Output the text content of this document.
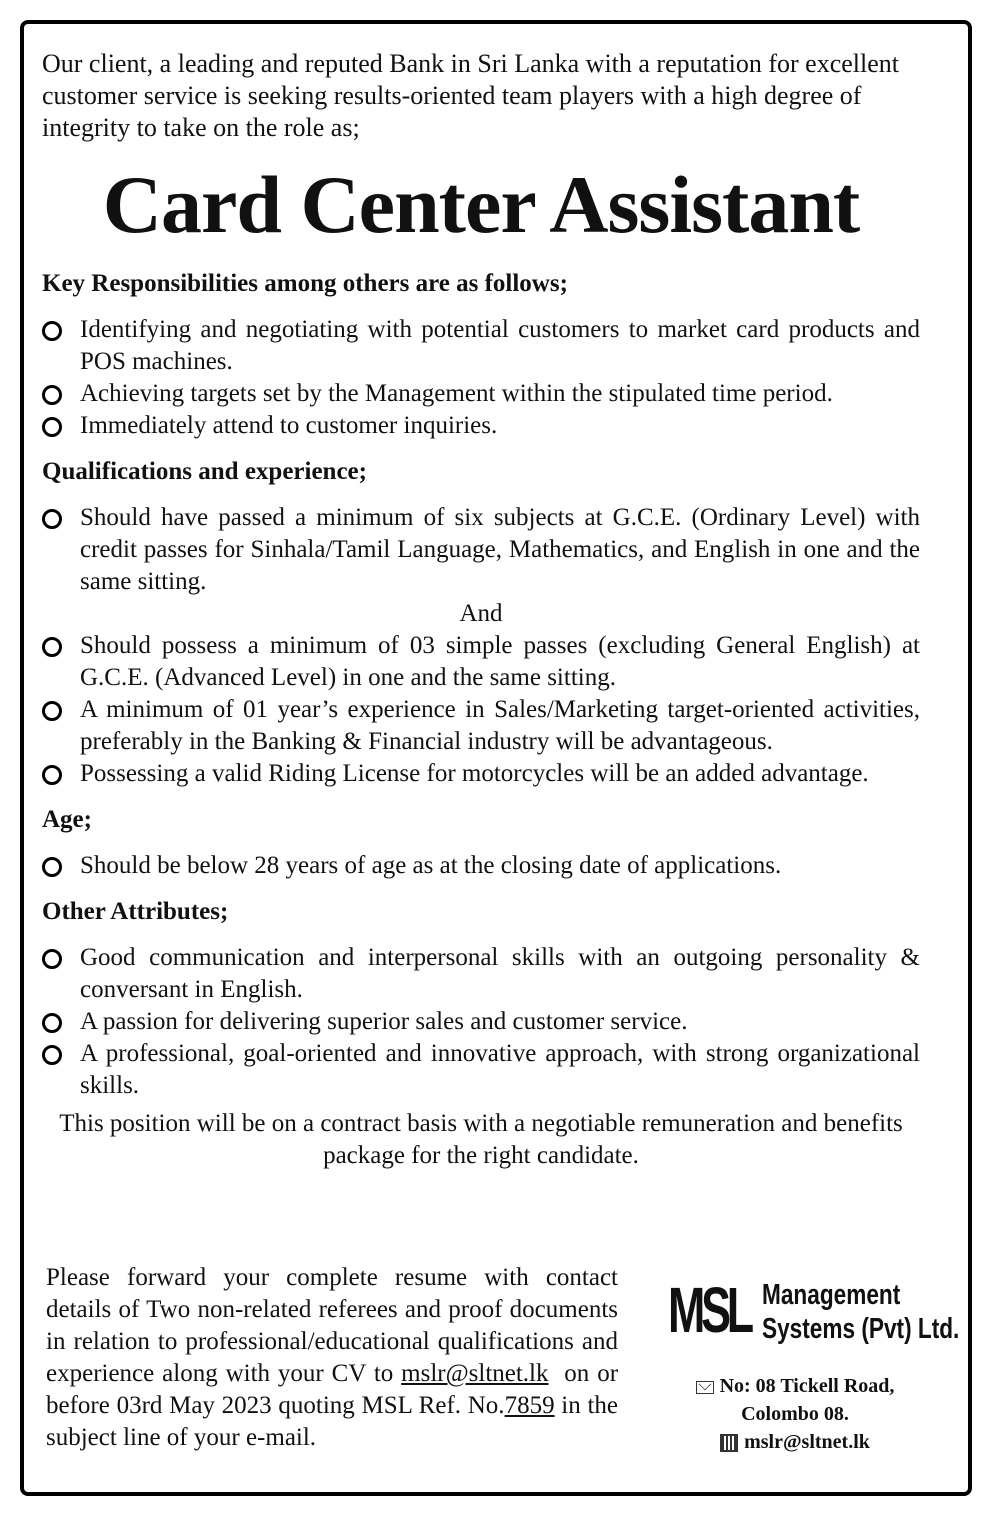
Our client, a leading and reputed Bank in Sri Lanka with a reputation for excellent customer service is seeking results-oriented team players with a high degree of integrity to take on the role as;

Card Center Assistant
Key Responsibilities among others are as follows;
Identifying and negotiating with potential customers to market card products and POS machines.
Achieving targets set by the Management within the stipulated time period.
Immediately attend to customer inquiries.
Qualifications and experience;
Should have passed a minimum of six subjects at G.C.E. (Ordinary Level) with credit passes for Sinhala/Tamil Language, Mathematics, and English in one and the same sitting.
And
Should possess a minimum of 03 simple passes (excluding General English) at G.C.E. (Advanced Level) in one and the same sitting.
A minimum of 01 year’s experience in Sales/Marketing target-oriented activities, preferably in the Banking & Financial industry will be advantageous.
Possessing a valid Riding License for motorcycles will be an added advantage.
Age;
Should be below 28 years of age as at the closing date of applications.
Other Attributes;
Good communication and interpersonal skills with an outgoing personality & conversant in English.
A passion for delivering superior sales and customer service.
A professional, goal-oriented and innovative approach, with strong organizational skills.

This position will be on a contract basis with a negotiable remuneration and benefits package for the right candidate.

Please forward your complete resume with contact details of Two non-related referees and proof documents in relation to professional/educational qualifications and experience along with your CV to mslr@sltnet.lk on or before 03rd May 2023 quoting MSL Ref. No.7859 in the subject line of your e-mail.
MSL Management
Systems (Pvt) Ltd.
No: 08 Tickell Road,
Colombo 08.
mslr@sltnet.lk
